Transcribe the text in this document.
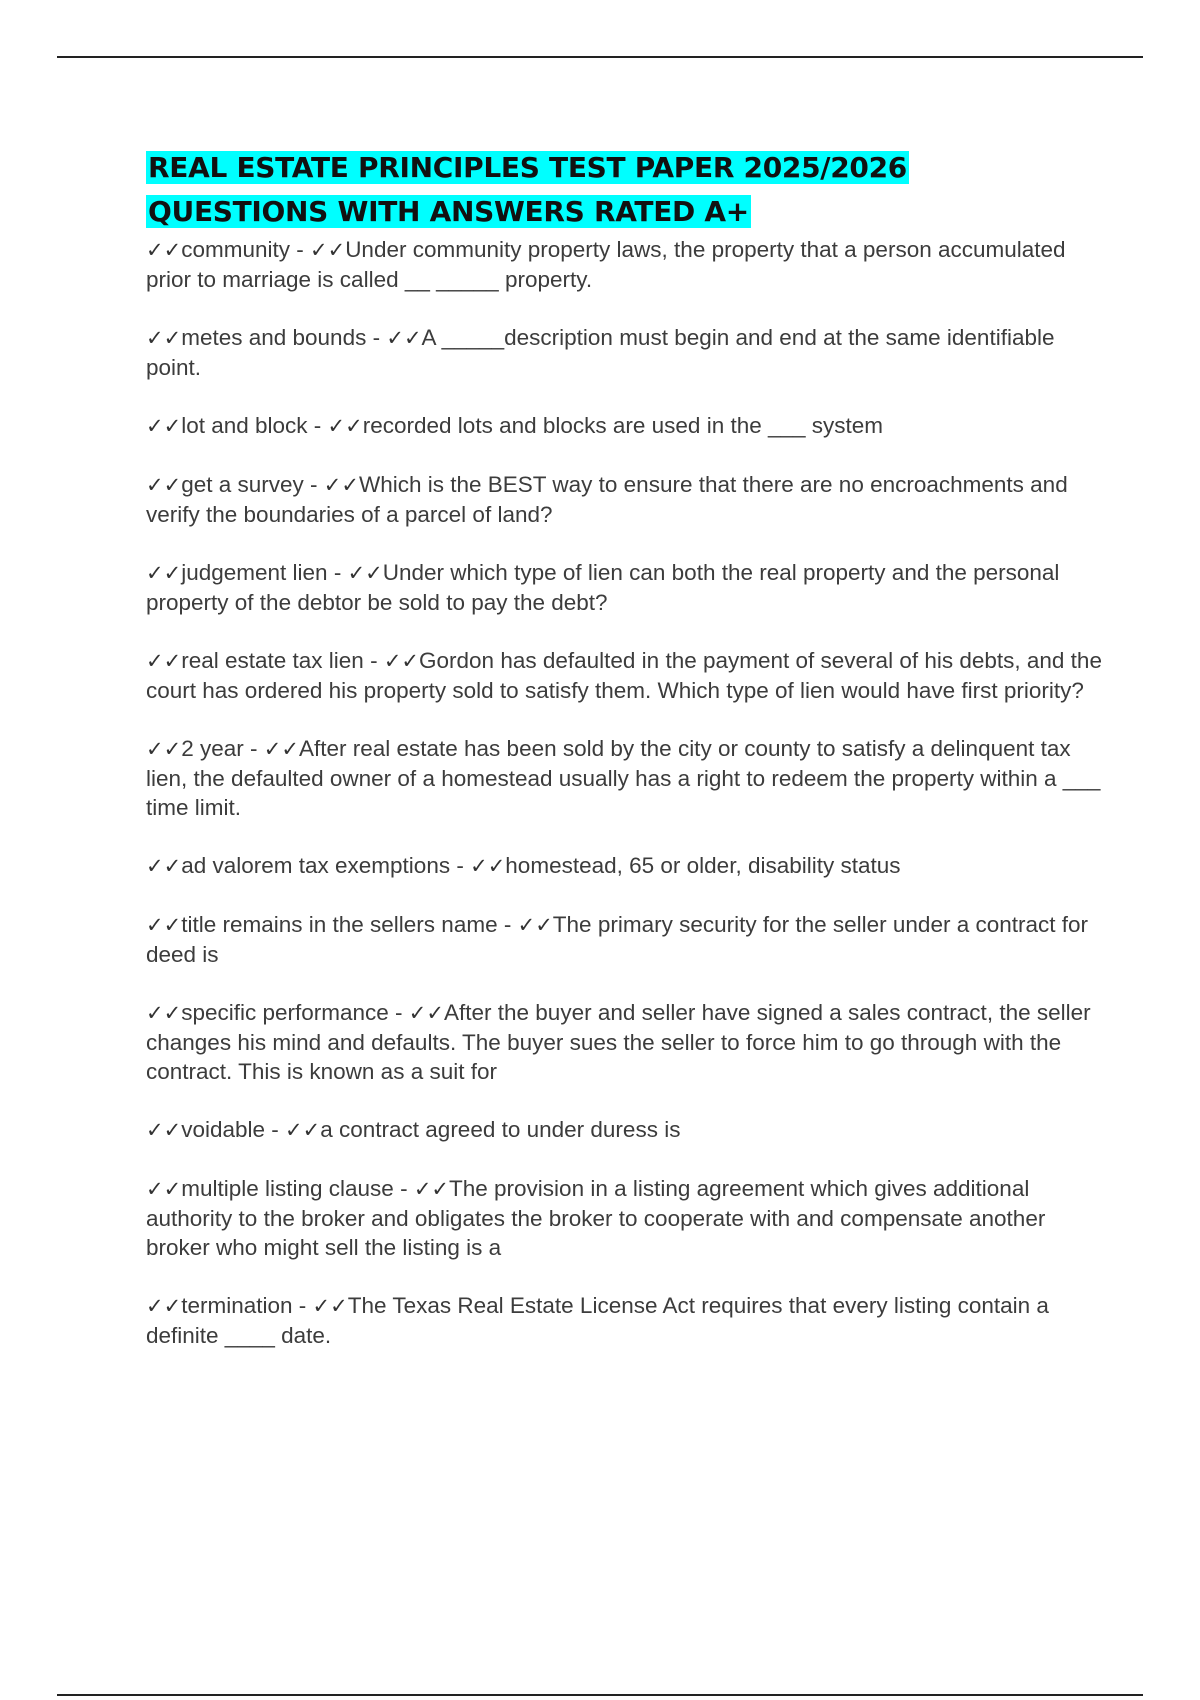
REAL ESTATE PRINCIPLES TEST PAPER 2025/2026
QUESTIONS WITH ANSWERS RATED A+
✓✓community - ✓✓Under community property laws, the property that a person accumulated prior to marriage is called __ _____ property.
✓✓metes and bounds - ✓✓A _____description must begin and end at the same identifiable point.
✓✓lot and block - ✓✓recorded lots and blocks are used in the ___ system
✓✓get a survey - ✓✓Which is the BEST way to ensure that there are no encroachments and verify the boundaries of a parcel of land?
✓✓judgement lien - ✓✓Under which type of lien can both the real property and the personal property of the debtor be sold to pay the debt?
✓✓real estate tax lien - ✓✓Gordon has defaulted in the payment of several of his debts, and the court has ordered his property sold to satisfy them. Which type of lien would have first priority?
✓✓2 year - ✓✓After real estate has been sold by the city or county to satisfy a delinquent tax lien, the defaulted owner of a homestead usually has a right to redeem the property within a ___ time limit.
✓✓ad valorem tax exemptions - ✓✓homestead, 65 or older, disability status
✓✓title remains in the sellers name - ✓✓The primary security for the seller under a contract for deed is
✓✓specific performance - ✓✓After the buyer and seller have signed a sales contract, the seller changes his mind and defaults. The buyer sues the seller to force him to go through with the contract. This is known as a suit for
✓✓voidable - ✓✓a contract agreed to under duress is
✓✓multiple listing clause - ✓✓The provision in a listing agreement which gives additional authority to the broker and obligates the broker to cooperate with and compensate another broker who might sell the listing is a
✓✓termination - ✓✓The Texas Real Estate License Act requires that every listing contain a definite ____ date.
